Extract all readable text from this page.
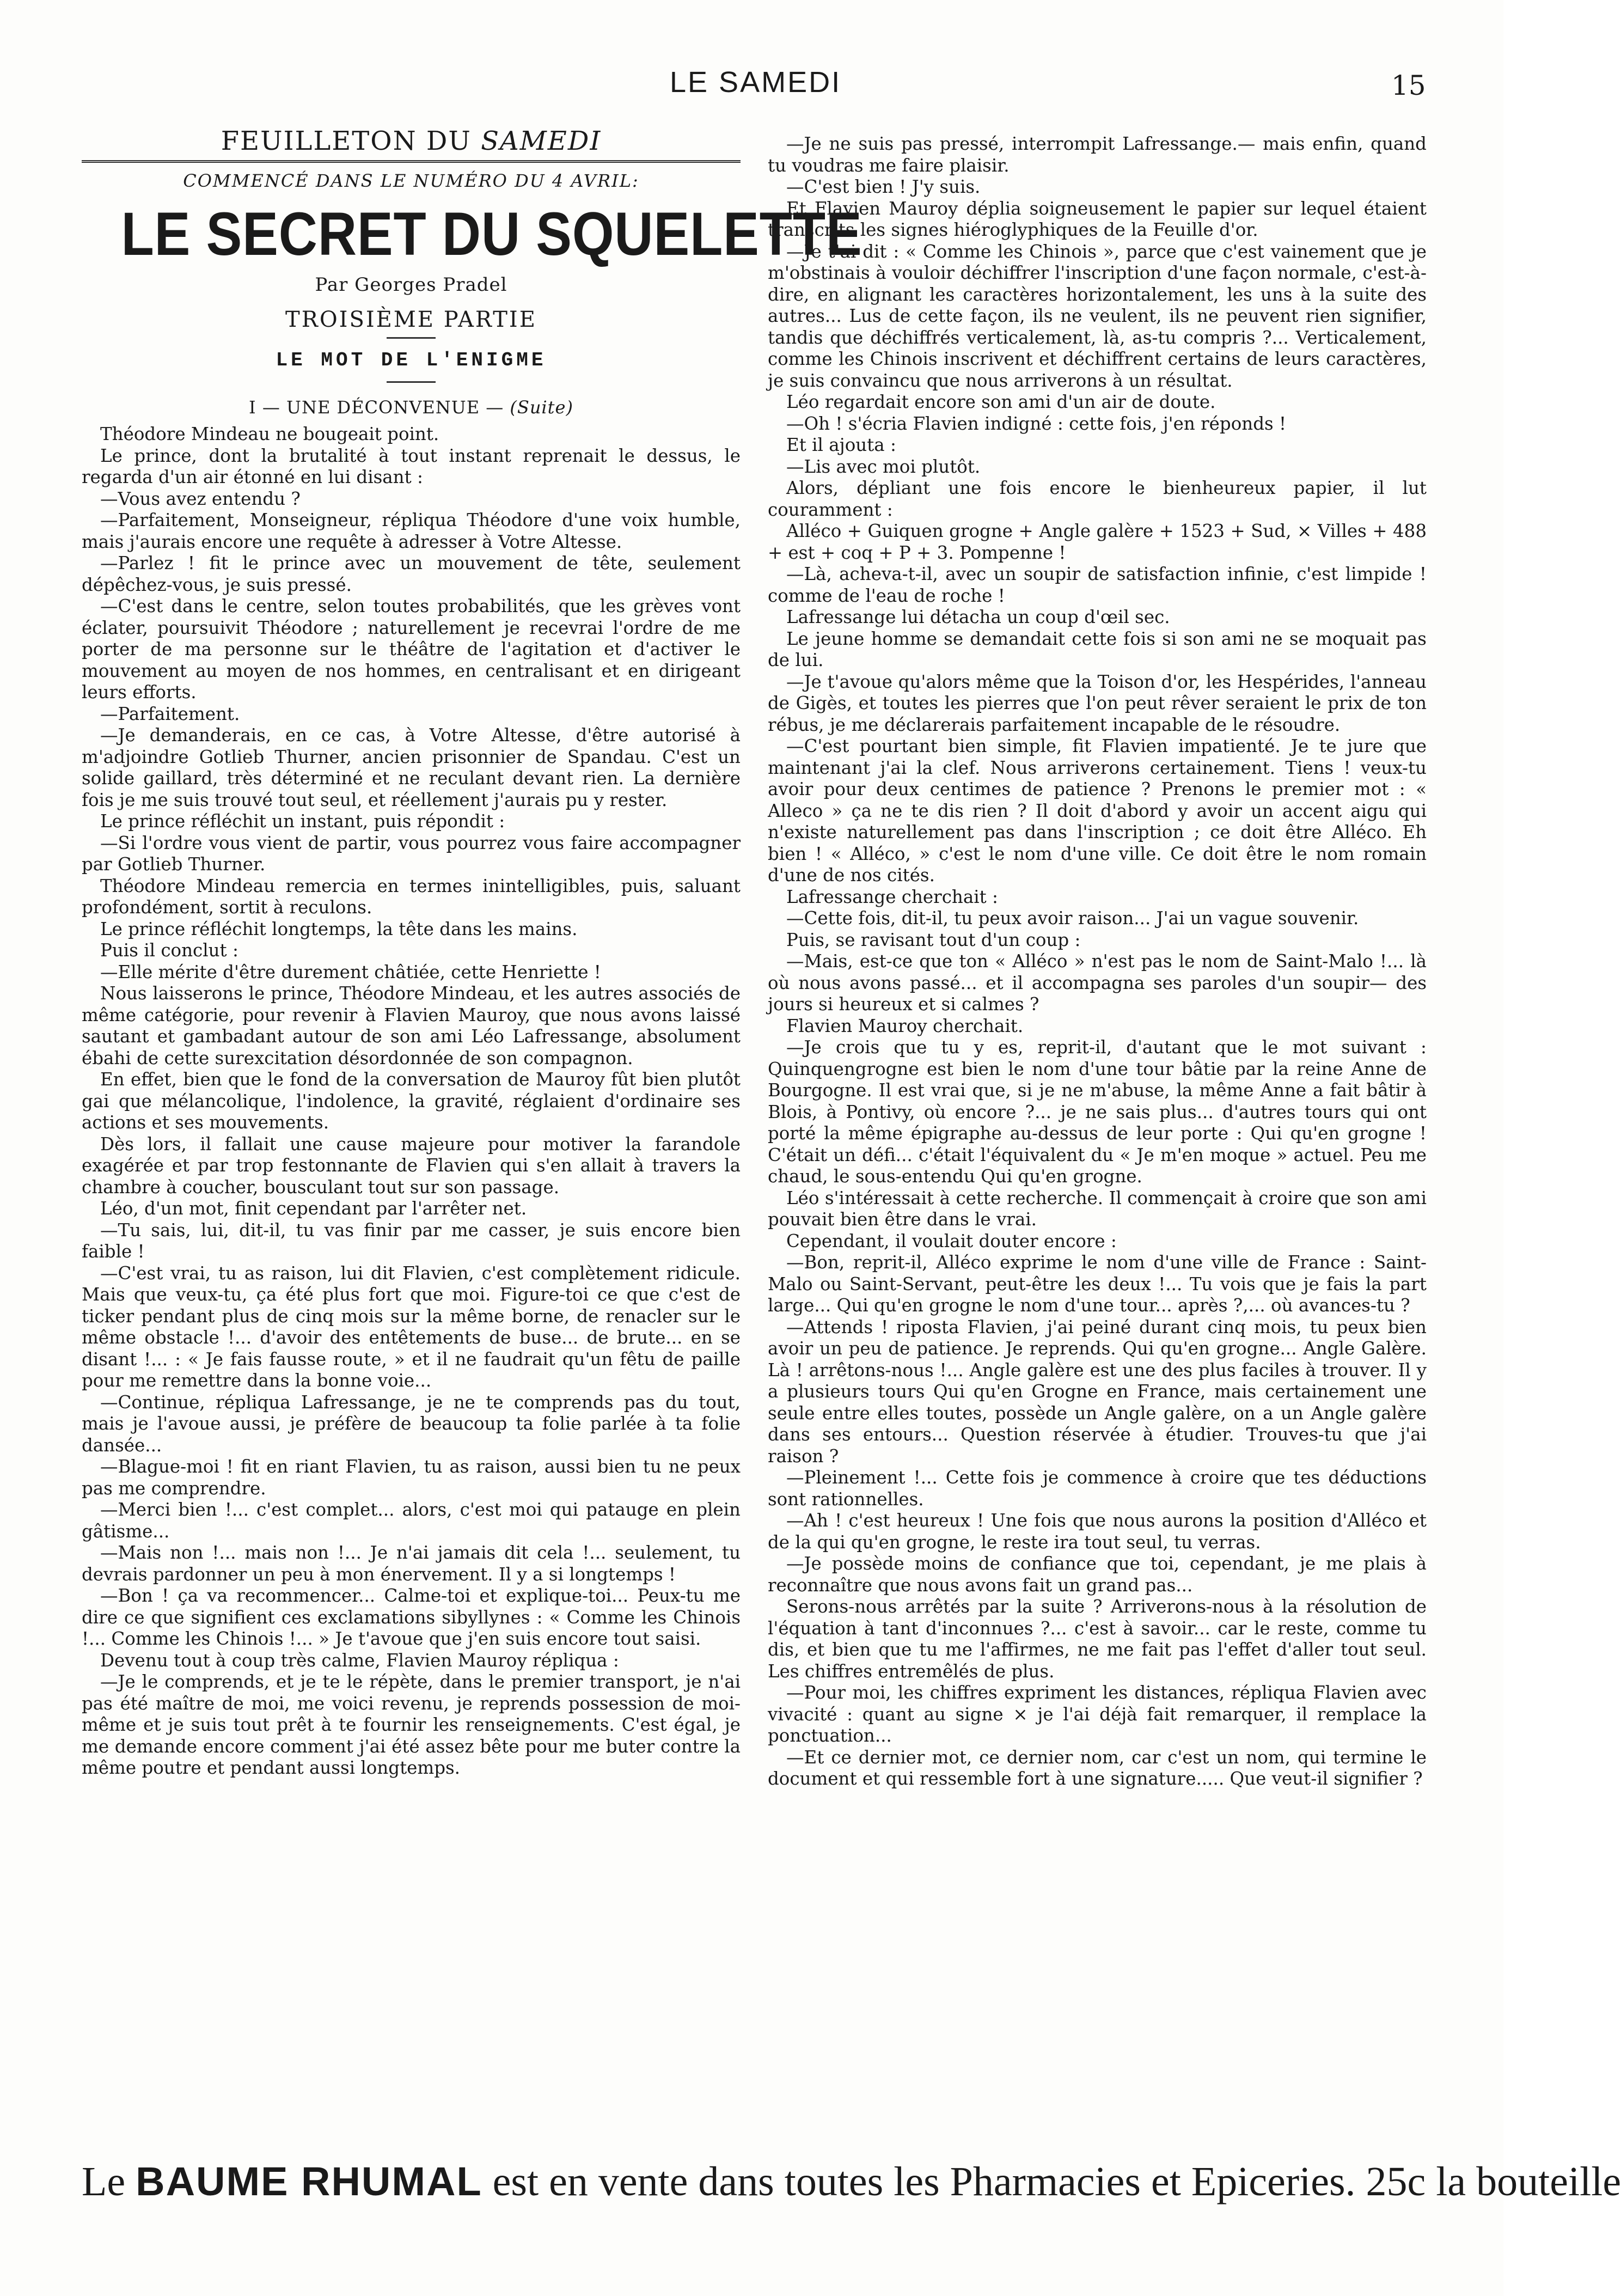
LE SAMEDI	15
FEUILLETON DU SAMEDI
COMMENCÉ DANS LE NUMÉRO DU 4 AVRIL:
LE SECRET DU SQUELETTE
Par Georges Pradel
TROISIÈME PARTIE
LE MOT DE L'ENIGME
I — UNE DÉCONVENUE — (Suite)

Théodore Mindeau ne bougeait point.

Le prince, dont la brutalité à tout instant reprenait le dessus, le regarda d'un air étonné en lui disant :

—Vous avez entendu ?

—Parfaitement, Monseigneur, répliqua Théodore d'une voix humble, mais j'aurais encore une requête à adresser à Votre Altesse.

—Parlez ! fit le prince avec un mouvement de tête, seulement dépêchez-vous, je suis pressé.

—C'est dans le centre, selon toutes probabilités, que les grèves vont éclater, poursuivit Théodore ; naturellement je recevrai l'ordre de me porter de ma personne sur le théâtre de l'agitation et d'activer le mouvement au moyen de nos hommes, en centralisant et en dirigeant leurs efforts.

—Parfaitement.

—Je demanderais, en ce cas, à Votre Altesse, d'être autorisé à m'adjoindre Gotlieb Thurner, ancien prisonnier de Spandau. C'est un solide gaillard, très déterminé et ne reculant devant rien. La dernière fois je me suis trouvé tout seul, et réellement j'aurais pu y rester.

Le prince réfléchit un instant, puis répondit :

—Si l'ordre vous vient de partir, vous pourrez vous faire accompagner par Gotlieb Thurner.

Théodore Mindeau remercia en termes inintelligibles, puis, saluant profondément, sortit à reculons.

Le prince réfléchit longtemps, la tête dans les mains.

Puis il conclut :

—Elle mérite d'être durement châtiée, cette Henriette !

Nous laisserons le prince, Théodore Mindeau, et les autres associés de même catégorie, pour revenir à Flavien Mauroy, que nous avons laissé sautant et gambadant autour de son ami Léo Lafressange, absolument ébahi de cette surexcitation désordonnée de son compagnon.

En effet, bien que le fond de la conversation de Mauroy fût bien plutôt gai que mélancolique, l'indolence, la gravité, réglaient d'ordinaire ses actions et ses mouvements.

Dès lors, il fallait une cause majeure pour motiver la farandole exagérée et par trop festonnante de Flavien qui s'en allait à travers la chambre à coucher, bousculant tout sur son passage.

Léo, d'un mot, finit cependant par l'arrêter net.

—Tu sais, lui, dit-il, tu vas finir par me casser, je suis encore bien faible !

—C'est vrai, tu as raison, lui dit Flavien, c'est complètement ridicule. Mais que veux-tu, ça été plus fort que moi. Figure-toi ce que c'est de ticker pendant plus de cinq mois sur la même borne, de renacler sur le même obstacle !... d'avoir des entêtements de buse... de brute... en se disant !... : « Je fais fausse route, » et il ne faudrait qu'un fêtu de paille pour me remettre dans la bonne voie...

—Continue, répliqua Lafressange, je ne te comprends pas du tout, mais je l'avoue aussi, je préfère de beaucoup ta folie parlée à ta folie dansée...

—Blague-moi ! fit en riant Flavien, tu as raison, aussi bien tu ne peux pas me comprendre.

—Merci bien !... c'est complet... alors, c'est moi qui patauge en plein gâtisme...

—Mais non !... mais non !... Je n'ai jamais dit cela !... seulement, tu devrais pardonner un peu à mon énervement. Il y a si longtemps !

—Bon ! ça va recommencer... Calme-toi et explique-toi... Peux-tu me dire ce que signifient ces exclamations sibyllynes : « Comme les Chinois !... Comme les Chinois !... » Je t'avoue que j'en suis encore tout saisi.

Devenu tout à coup très calme, Flavien Mauroy répliqua :

—Je le comprends, et je te le répète, dans le premier transport, je n'ai pas été maître de moi, me voici revenu, je reprends possession de moi-même et je suis tout prêt à te fournir les renseignements. C'est égal, je me demande encore comment j'ai été assez bête pour me buter contre la même poutre et pendant aussi longtemps.

—Je ne suis pas pressé, interrompit Lafressange.— mais enfin, quand tu voudras me faire plaisir.

—C'est bien ! J'y suis.

Et Flavien Mauroy déplia soigneusement le papier sur lequel étaient transcrits les signes hiéroglyphiques de la Feuille d'or.

—Je t'ai dit : « Comme les Chinois », parce que c'est vainement que je m'obstinais à vouloir déchiffrer l'inscription d'une façon normale, c'est-à-dire, en alignant les caractères horizontalement, les uns à la suite des autres... Lus de cette façon, ils ne veulent, ils ne peuvent rien signifier, tandis que déchiffrés verticalement, là, as-tu compris ?... Verticalement, comme les Chinois inscrivent et déchiffrent certains de leurs caractères, je suis convaincu que nous arriverons à un résultat.

Léo regardait encore son ami d'un air de doute.

—Oh ! s'écria Flavien indigné : cette fois, j'en réponds !

Et il ajouta :

—Lis avec moi plutôt.

Alors, dépliant une fois encore le bienheureux papier, il lut couramment :

Alléco + Guiquen grogne + Angle galère + 1523 + Sud, × Villes + 488 + est + coq + P + 3. Pompenne !

—Là, acheva-t-il, avec un soupir de satisfaction infinie, c'est limpide ! comme de l'eau de roche !

Lafressange lui détacha un coup d'œil sec.

Le jeune homme se demandait cette fois si son ami ne se moquait pas de lui.

—Je t'avoue qu'alors même que la Toison d'or, les Hespérides, l'anneau de Gigès, et toutes les pierres que l'on peut rêver seraient le prix de ton rébus, je me déclarerais parfaitement incapable de le résoudre.

—C'est pourtant bien simple, fit Flavien impatienté. Je te jure que maintenant j'ai la clef. Nous arriverons certainement. Tiens ! veux-tu avoir pour deux centimes de patience ? Prenons le premier mot : « Alleco » ça ne te dis rien ? Il doit d'abord y avoir un accent aigu qui n'existe naturellement pas dans l'inscription ; ce doit être Alléco. Eh bien ! « Alléco, » c'est le nom d'une ville. Ce doit être le nom romain d'une de nos cités.

Lafressange cherchait :

—Cette fois, dit-il, tu peux avoir raison... J'ai un vague souvenir.

Puis, se ravisant tout d'un coup :

—Mais, est-ce que ton « Alléco » n'est pas le nom de Saint-Malo !... là où nous avons passé... et il accompagna ses paroles d'un soupir— des jours si heureux et si calmes ?

Flavien Mauroy cherchait.

—Je crois que tu y es, reprit-il, d'autant que le mot suivant : Quinquengrogne est bien le nom d'une tour bâtie par la reine Anne de Bourgogne. Il est vrai que, si je ne m'abuse, la même Anne a fait bâtir à Blois, à Pontivy, où encore ?... je ne sais plus... d'autres tours qui ont porté la même épigraphe au-dessus de leur porte : Qui qu'en grogne ! C'était un défi... c'était l'équivalent du « Je m'en moque » actuel. Peu me chaud, le sous-entendu Qui qu'en grogne.

Léo s'intéressait à cette recherche. Il commençait à croire que son ami pouvait bien être dans le vrai.

Cependant, il voulait douter encore :

—Bon, reprit-il, Alléco exprime le nom d'une ville de France : Saint-Malo ou Saint-Servant, peut-être les deux !... Tu vois que je fais la part large... Qui qu'en grogne le nom d'une tour... après ?,... où avances-tu ?

—Attends ! riposta Flavien, j'ai peiné durant cinq mois, tu peux bien avoir un peu de patience. Je reprends. Qui qu'en grogne... Angle Galère. Là ! arrêtons-nous !... Angle galère est une des plus faciles à trouver. Il y a plusieurs tours Qui qu'en Grogne en France, mais certainement une seule entre elles toutes, possède un Angle galère, on a un Angle galère dans ses entours... Question réservée à étudier. Trouves-tu que j'ai raison ?

—Pleinement !... Cette fois je commence à croire que tes déductions sont rationnelles.

—Ah ! c'est heureux ! Une fois que nous aurons la position d'Alléco et de la qui qu'en grogne, le reste ira tout seul, tu verras.

—Je possède moins de confiance que toi, cependant, je me plais à reconnaître que nous avons fait un grand pas...

Serons-nous arrêtés par la suite ? Arriverons-nous à la résolution de l'équation à tant d'inconnues ?... c'est à savoir... car le reste, comme tu dis, et bien que tu me l'affirmes, ne me fait pas l'effet d'aller tout seul. Les chiffres entremêlés de plus.

—Pour moi, les chiffres expriment les distances, répliqua Flavien avec vivacité : quant au signe × je l'ai déjà fait remarquer, il remplace la ponctuation...

—Et ce dernier mot, ce dernier nom, car c'est un nom, qui termine le document et qui ressemble fort à une signature..... Que veut-il signifier ?

Le BAUME RHUMAL est en vente dans toutes les Pharmacies et Epiceries. 25c la bouteille
